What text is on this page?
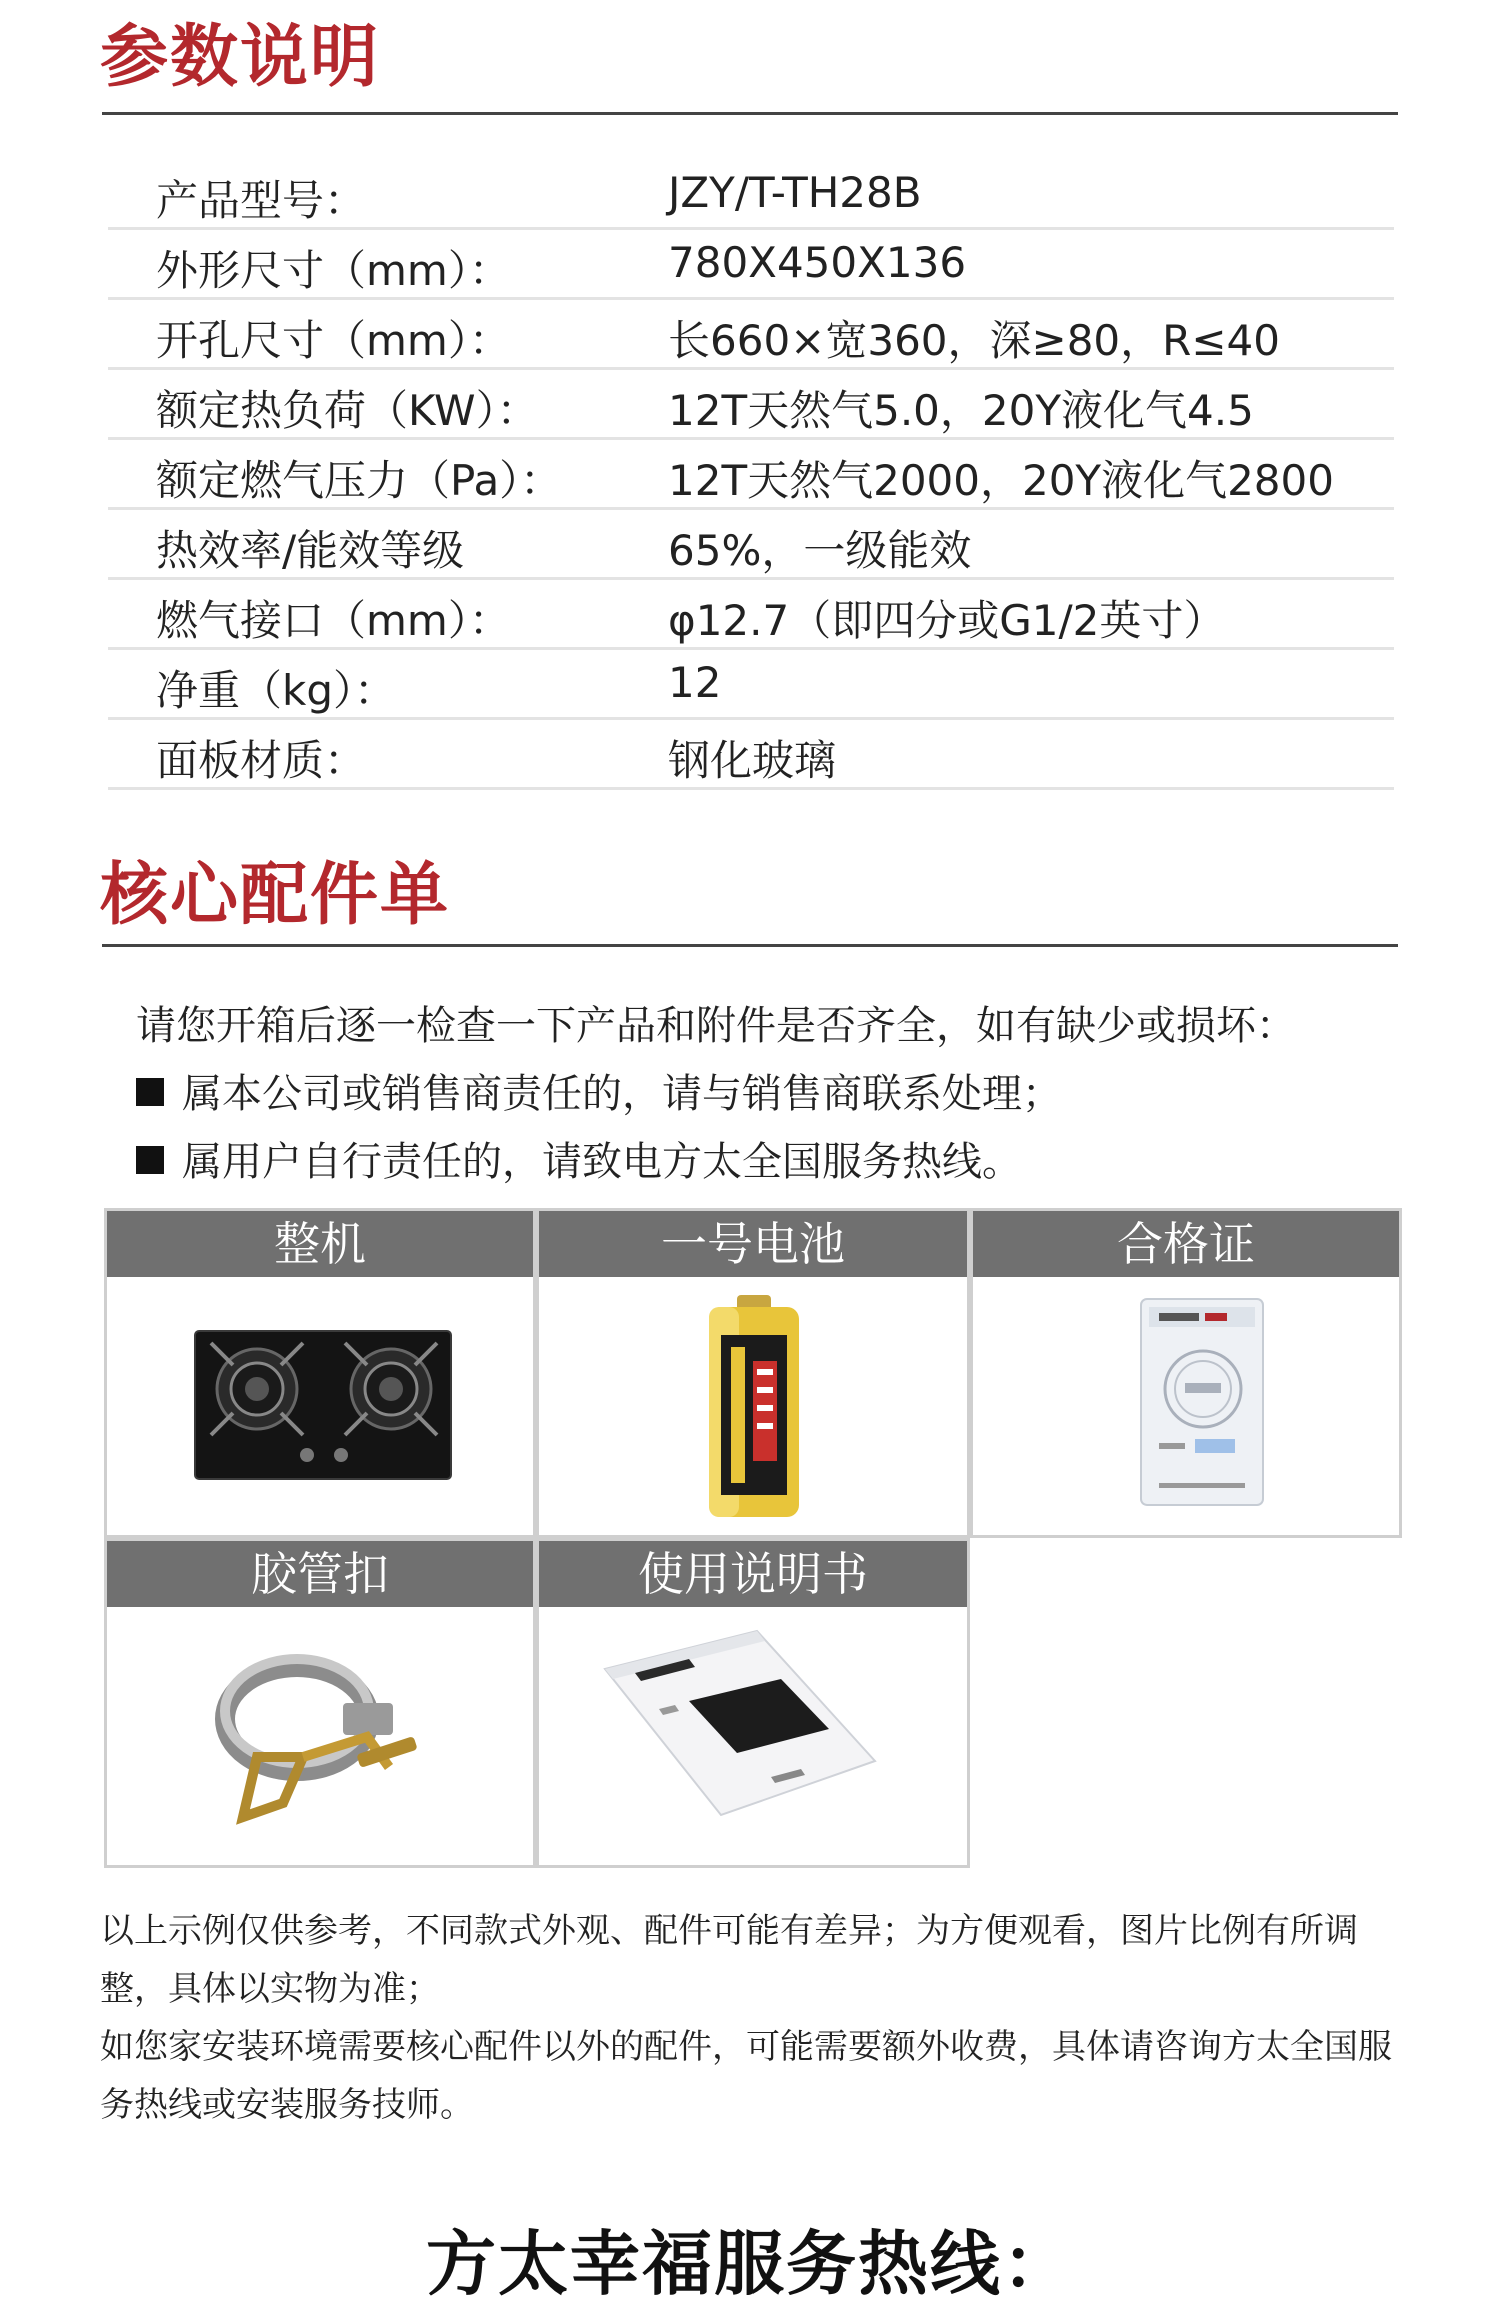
参数说明
产品型号：	JZY/T-TH28B
外形尺寸（mm）：	780X450X136
开孔尺寸（mm）：	长660×宽360，深≥80，R≤40
额定热负荷（KW）：	12T天然气5.0，20Y液化气4.5
额定燃气压力（Pa）：	12T天然气2000，20Y液化气2800
热效率/能效等级	65%，一级能效
燃气接口（mm）：	φ12.7（即四分或G1/2英寸）
净重（kg）：	12
面板材质：	钢化玻璃
核心配件单
请您开箱后逐一检查一下产品和附件是否齐全，如有缺少或损坏：
属本公司或销售商责任的，请与销售商联系处理；
属用户自行责任的，请致电方太全国服务热线。
整机	一号电池	合格证
胶管扣	使用说明书

以上示例仅供参考，不同款式外观、配件可能有差异；为方便观看，图片比例有所调整，具体以实物为准；

如您家安装环境需要核心配件以外的配件，可能需要额外收费，具体请咨询方太全国服务热线或安装服务技师。

方太幸福服务热线：
